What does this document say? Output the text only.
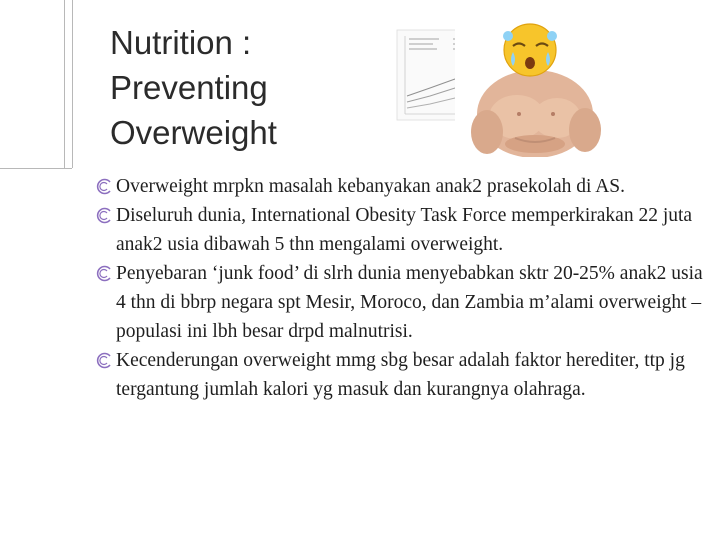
Nutrition :
Preventing
Overweight
Overweight mrpkn masalah kebanyakan anak2 prasekolah di AS.
Diseluruh dunia, International Obesity Task Force memperkirakan 22 juta anak2 usia dibawah 5 thn mengalami overweight.
Penyebaran ‘junk food’ di slrh dunia menyebabkan sktr 20-25% anak2 usia 4 thn di bbrp negara spt Mesir, Moroco, dan Zambia m’alami overweight – populasi ini lbh besar drpd malnutrisi.
Kecenderungan overweight mmg sbg besar adalah faktor herediter, ttp jg tergantung jumlah kalori yg masuk dan kurangnya olahraga.
